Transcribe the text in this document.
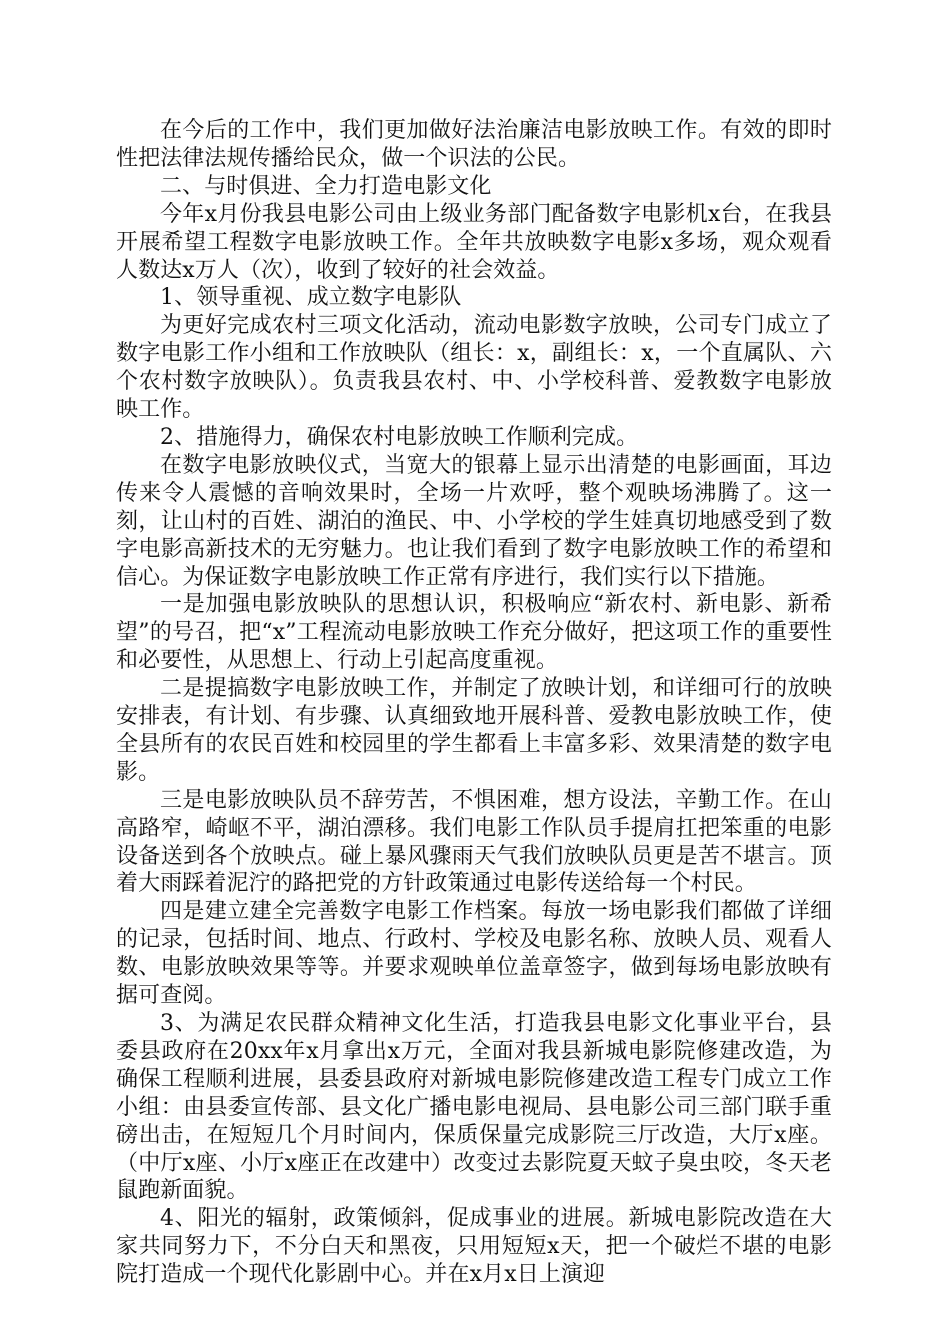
在今后的工作中，我们更加做好法治廉洁电影放映工作。有效的即时性把法律法规传播给民众，做一个识法的公民。

二、与时俱进、全力打造电影文化

今年x月份我县电影公司由上级业务部门配备数字电影机x台，在我县开展希望工程数字电影放映工作。全年共放映数字电影x多场，观众观看人数达x万人（次），收到了较好的社会效益。

1、领导重视、成立数字电影队

为更好完成农村三项文化活动，流动电影数字放映，公司专门成立了数字电影工作小组和工作放映队（组长：x，副组长：x，一个直属队、六个农村数字放映队）。负责我县农村、中、小学校科普、爱教数字电影放映工作。

2、措施得力，确保农村电影放映工作顺利完成。

在数字电影放映仪式，当宽大的银幕上显示出清楚的电影画面，耳边传来令人震憾的音响效果时，全场一片欢呼，整个观映场沸腾了。这一刻，让山村的百姓、湖泊的渔民、中、小学校的学生娃真切地感受到了数字电影高新技术的无穷魅力。也让我们看到了数字电影放映工作的希望和信心。为保证数字电影放映工作正常有序进行，我们实行以下措施。

一是加强电影放映队的思想认识，积极响应“新农村、新电影、新希望”的号召，把“x”工程流动电影放映工作充分做好，把这项工作的重要性和必要性，从思想上、行动上引起高度重视。

二是提搞数字电影放映工作，并制定了放映计划，和详细可行的放映安排表，有计划、有步骤、认真细致地开展科普、爱教电影放映工作，使全县所有的农民百姓和校园里的学生都看上丰富多彩、效果清楚的数字电影。

三是电影放映队员不辞劳苦，不惧困难，想方设法，辛勤工作。在山高路窄，崎岖不平，湖泊漂移。我们电影工作队员手提肩扛把笨重的电影设备送到各个放映点。碰上暴风骤雨天气我们放映队员更是苦不堪言。顶着大雨踩着泥泞的路把党的方针政策通过电影传送给每一个村民。

四是建立建全完善数字电影工作档案。每放一场电影我们都做了详细的记录，包括时间、地点、行政村、学校及电影名称、放映人员、观看人数、电影放映效果等等。并要求观映单位盖章签字，做到每场电影放映有据可查阅。

3、为满足农民群众精神文化生活，打造我县电影文化事业平台，县委县政府在20xx年x月拿出x万元，全面对我县新城电影院修建改造，为确保工程顺利进展，县委县政府对新城电影院修建改造工程专门成立工作小组：由县委宣传部、县文化广播电影电视局、县电影公司三部门联手重磅出击，在短短几个月时间内，保质保量完成影院三厅改造，大厅x座。（中厅x座、小厅x座正在改建中）改变过去影院夏天蚊子臭虫咬，冬天老鼠跑新面貌。

4、阳光的辐射，政策倾斜，促成事业的进展。新城电影院改造在大家共同努力下，不分白天和黑夜，只用短短x天，把一个破烂不堪的电影院打造成一个现代化影剧中心。并在x月x日上演迎
